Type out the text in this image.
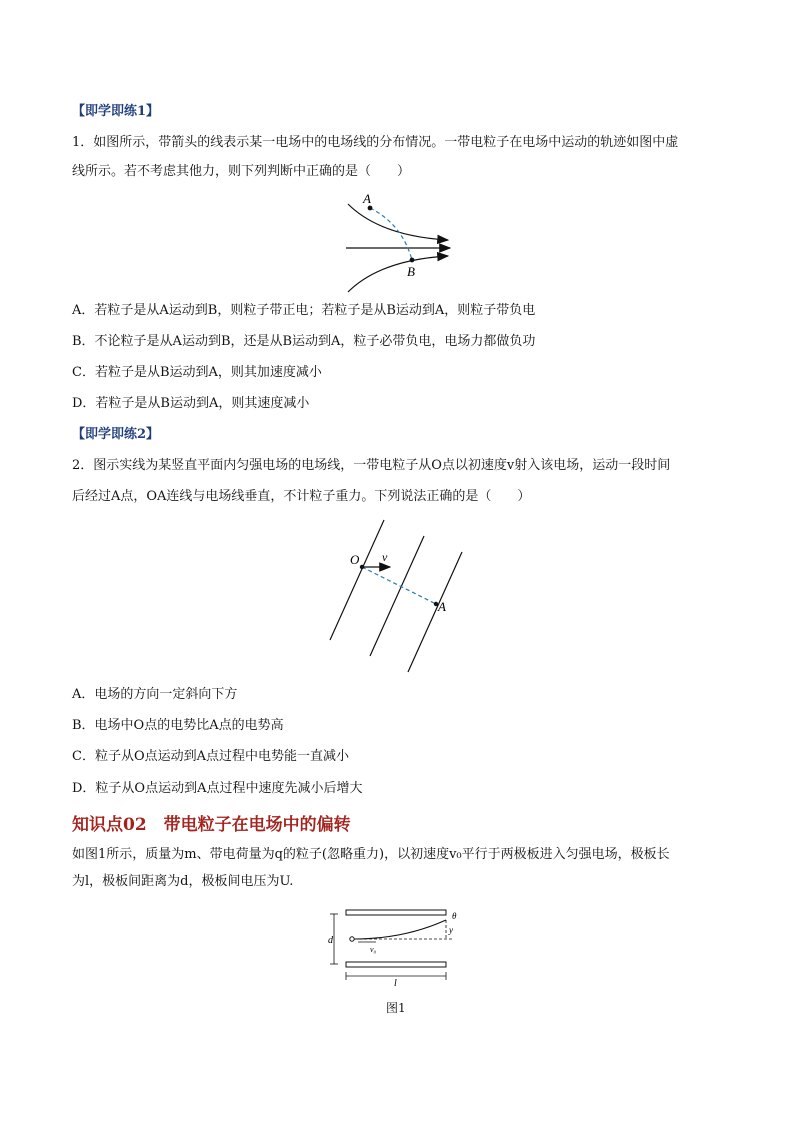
【即学即练1】
1．如图所示，带箭头的线表示某一电场中的电场线的分布情况。一带电粒子在电场中运动的轨迹如图中虚
线所示。若不考虑其他力，则下列判断中正确的是（　　）
A
B
A．若粒子是从A运动到B，则粒子带正电；若粒子是从B运动到A，则粒子带负电
B．不论粒子是从A运动到B，还是从B运动到A，粒子必带负电，电场力都做负功
C．若粒子是从B运动到A，则其加速度减小
D．若粒子是从B运动到A，则其速度减小
【即学即练2】
2．图示实线为某竖直平面内匀强电场的电场线，一带电粒子从O点以初速度v射入该电场，运动一段时间
后经过A点，OA连线与电场线垂直，不计粒子重力。下列说法正确的是（　　）
O v
A
A．电场的方向一定斜向下方
B．电场中O点的电势比A点的电势高
C．粒子从O点运动到A点过程中电势能一直减小
D．粒子从O点运动到A点过程中速度先减小后增大
知识点02　带电粒子在电场中的偏转
如图1所示，质量为m、带电荷量为q的粒子(忽略重力)，以初速度v₀平行于两极板进入匀强电场，极板长
为l，极板间距离为d，极板间电压为U.
d
v₀
θ
y
l
图1
